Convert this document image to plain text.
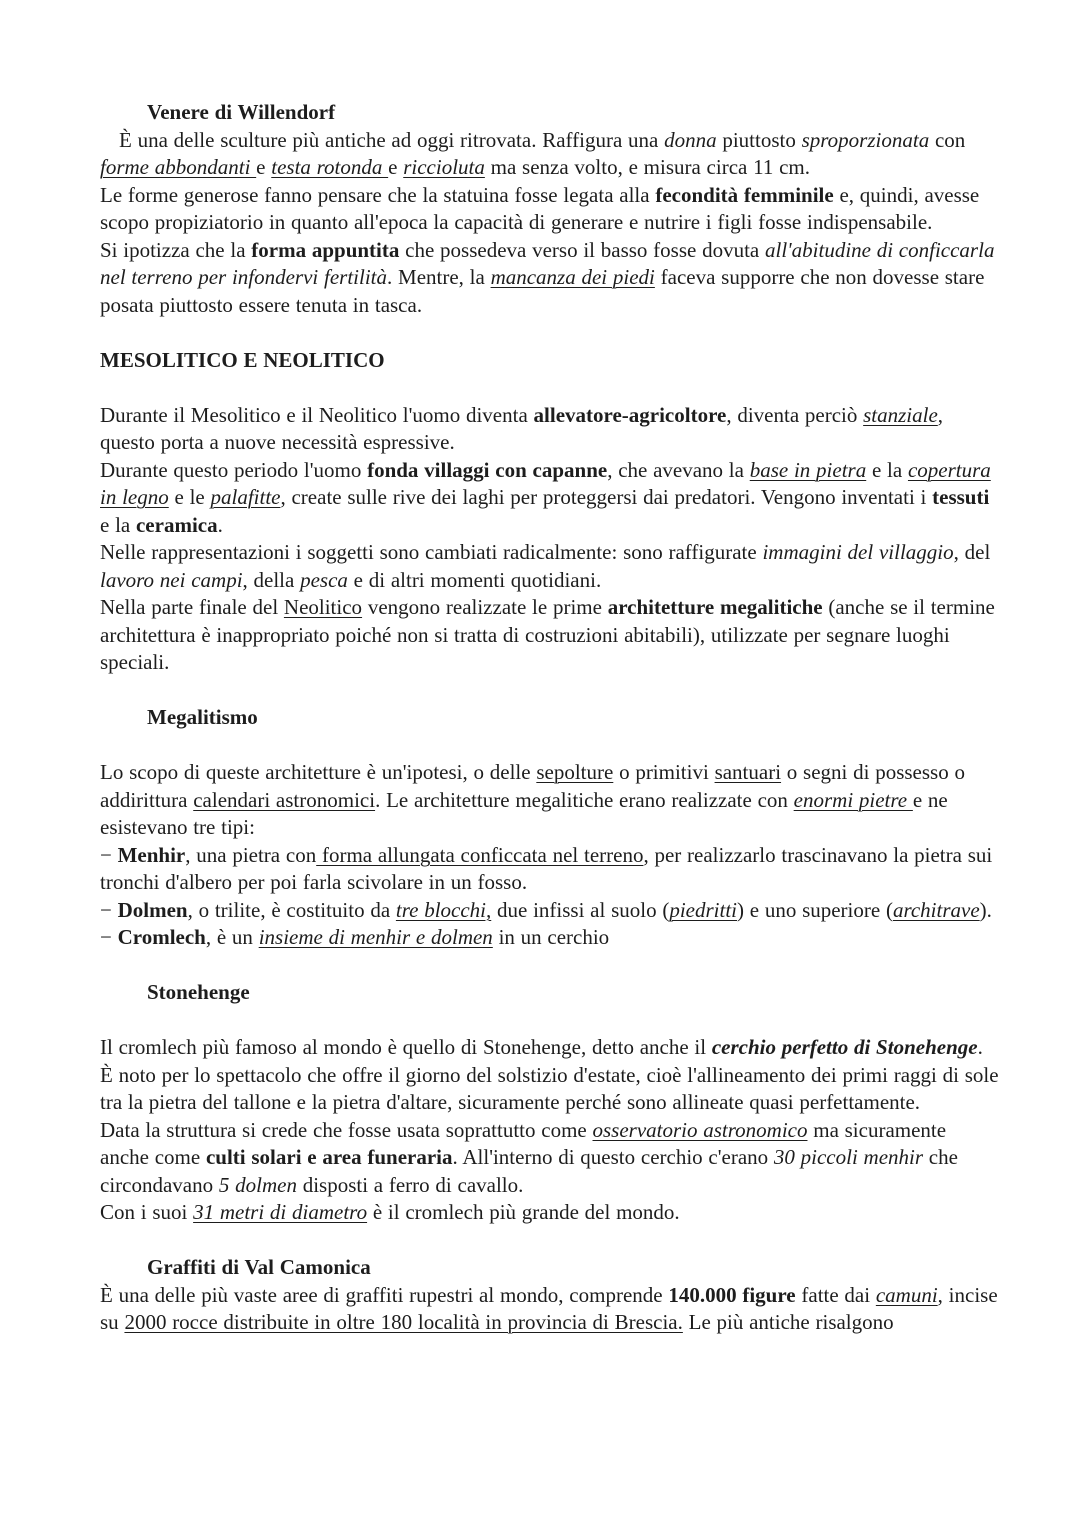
Venere di Willendorf
È una delle sculture più antiche ad oggi ritrovata. Raffigura una donna piuttosto sproporzionata con forme abbondanti e testa rotonda e riccioluta ma senza volto, e misura circa 11 cm.
Le forme generose fanno pensare che la statuina fosse legata alla fecondità femminile e, quindi, avesse scopo propiziatorio in quanto all'epoca la capacità di generare e nutrire i figli fosse indispensabile.
Si ipotizza che la forma appuntita che possedeva verso il basso fosse dovuta all'abitudine di conficcarla nel terreno per infondervi fertilità. Mentre, la mancanza dei piedi faceva supporre che non dovesse stare posata piuttosto essere tenuta in tasca.
MESOLITICO E NEOLITICO
Durante il Mesolitico e il Neolitico l'uomo diventa allevatore-agricoltore, diventa perciò stanziale, questo porta a nuove necessità espressive.
Durante questo periodo l'uomo fonda villaggi con capanne, che avevano la base in pietra e la copertura in legno e le palafitte, create sulle rive dei laghi per proteggersi dai predatori. Vengono inventati i tessuti e la ceramica.
Nelle rappresentazioni i soggetti sono cambiati radicalmente: sono raffigurate immagini del villaggio, del lavoro nei campi, della pesca e di altri momenti quotidiani.
Nella parte finale del Neolitico vengono realizzate le prime architetture megalitiche (anche se il termine architettura è inappropriato poiché non si tratta di costruzioni abitabili), utilizzate per segnare luoghi speciali.
Megalitismo
Lo scopo di queste architetture è un'ipotesi, o delle sepolture o primitivi santuari o segni di possesso o addirittura calendari astronomici. Le architetture megalitiche erano realizzate con enormi pietre e ne esistevano tre tipi:
− Menhir, una pietra con forma allungata conficcata nel terreno, per realizzarlo trascinavano la pietra sui tronchi d'albero per poi farla scivolare in un fosso.
− Dolmen, o trilite, è costituito da tre blocchi, due infissi al suolo (piedritti) e uno superiore (architrave).
− Cromlech, è un insieme di menhir e dolmen in un cerchio
Stonehenge
Il cromlech più famoso al mondo è quello di Stonehenge, detto anche il cerchio perfetto di Stonehenge. È noto per lo spettacolo che offre il giorno del solstizio d'estate, cioè l'allineamento dei primi raggi di sole tra la pietra del tallone e la pietra d'altare, sicuramente perché sono allineate quasi perfettamente.
Data la struttura si crede che fosse usata soprattutto come osservatorio astronomico ma sicuramente anche come culti solari e area funeraria. All'interno di questo cerchio c'erano 30 piccoli menhir che circondavano 5 dolmen disposti a ferro di cavallo.
Con i suoi 31 metri di diametro è il cromlech più grande del mondo.
Graffiti di Val Camonica
È una delle più vaste aree di graffiti rupestri al mondo, comprende 140.000 figure fatte dai camuni, incise su 2000 rocce distribuite in oltre 180 località in provincia di Brescia. Le più antiche risalgono
